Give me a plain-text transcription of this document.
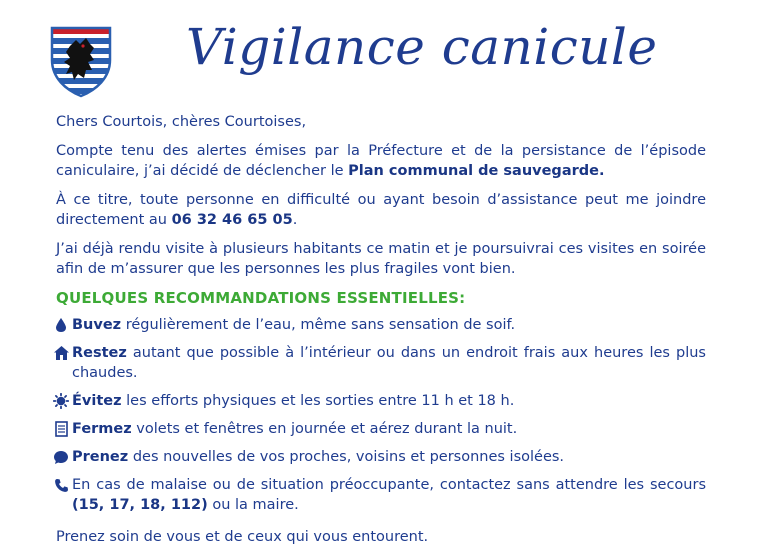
Vigilance canicule

Chers Courtois, chères Courtoises,

Compte tenu des alertes émises par la Préfecture et de la persistance de l’épisode caniculaire, j’ai décidé de déclencher le Plan communal de sauvegarde.

À ce titre, toute personne en difficulté ou ayant besoin d’assistance peut me joindre directement au 06 32 46 65 05.

J’ai déjà rendu visite à plusieurs habitants ce matin et je poursuivrai ces visites en soirée afin de m’assurer que les personnes les plus fragiles vont bien.

QUELQUES RECOMMANDATIONS ESSENTIELLES:
Buvez régulièrement de l’eau, même sans sensation de soif.
Restez autant que possible à l’intérieur ou dans un endroit frais aux heures les plus chaudes.
Évitez les efforts physiques et les sorties entre 11 h et 18 h.
Fermez volets et fenêtres en journée et aérez durant la nuit.
Prenez des nouvelles de vos proches, voisins et personnes isolées.
En cas de malaise ou de situation préoccupante, contactez sans attendre les secours (15, 17, 18, 112) ou la maire.

Prenez soin de vous et de ceux qui vous entourent.
